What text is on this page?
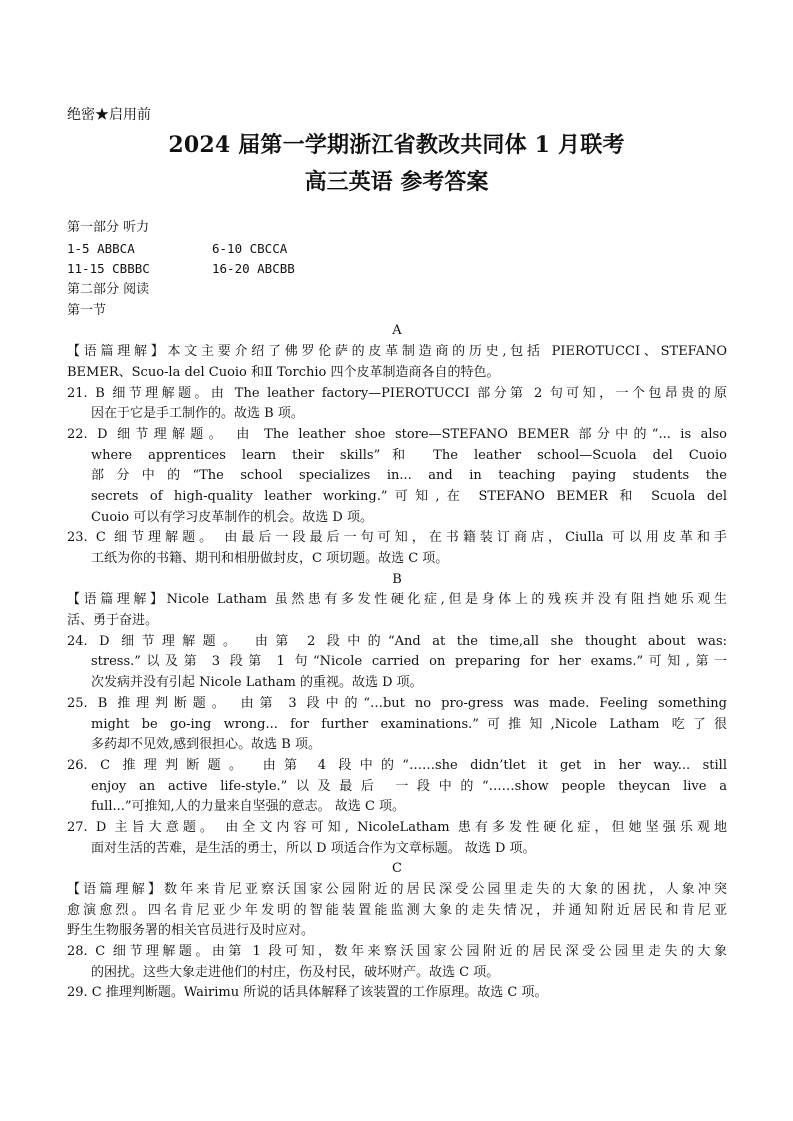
绝密★启用前
2024 届第一学期浙江省教改共同体 1 月联考
高三英语 参考答案
第一部分 听力
1-5 ABBCA	6-10 CBCCA
11-15 CBBBC	16-20 ABCBB
第二部分 阅读
第一节
A
【语篇理解】本文主要介绍了佛罗伦萨的皮革制造商的历史,包括 PIEROTUCCI、STEFANO
BEMER、Scuo-la del Cuoio 和Ⅱ Torchio 四个皮革制造商各自的特色。
21. B 细节理解题。由 The leather factory—PIEROTUCCI 部分第 2 句可知，一个包昂贵的原
因在于它是手工制作的。故选 B 项。
22. D 细节理解题。 由 The leather shoe store—STEFANO BEMER 部分中的“... is also
where apprentices learn their skills”和 The leather school—Scuola del Cuoio
部分中的“The school specializes in... and in teaching paying students the
secrets of high-quality leather working.”可知,在 STEFANO BEMER 和 Scuola del
Cuoio 可以有学习皮革制作的机会。故选 D 项。
23. C 细节理解题。 由最后一段最后一句可知，在书籍装订商店，Ciulla 可以用皮革和手
工纸为你的书籍、期刊和相册做封皮，C 项切题。故选 C 项。
B
【语篇理解】Nicole Latham 虽然患有多发性硬化症,但是身体上的残疾并没有阻挡她乐观生
活、勇于奋进。
24. D 细节理解题。 由第 2 段中的“And at the time,all she thought about was:
stress.”以及第 3 段第 1 句“Nicole carried on preparing for her exams.”可知,第一
次发病并没有引起 Nicole Latham 的重视。故选 D 项。
25. B 推理判断题。 由第 3 段中的“…but no pro-gress was made. Feeling something
might be go-ing wrong... for further examinations.”可推知,Nicole Latham 吃了很
多药却不见效,感到很担心。故选 B 项。
26. C 推理判断题。 由第 4 段中的“……she didn’tlet it get in her way... still
enjoy an active life-style.”以及最后 一段中的“……show people theycan live a
full...”可推知,人的力量来自坚强的意志。 故选 C 项。
27. D 主旨大意题。 由全文内容可知, NicoleLatham 患有多发性硬化症，但她坚强乐观地
面对生活的苦难，是生活的勇士，所以 D 项适合作为文章标题。 故选 D 项。
C
【语篇理解】数年来肯尼亚察沃国家公园附近的居民深受公园里走失的大象的困扰，人象冲突
愈演愈烈。四名肯尼亚少年发明的智能装置能监测大象的走失情况，并通知附近居民和肯尼亚
野生生物服务署的相关官员进行及时应对。
28. C 细节理解题。由第 1 段可知，数年来察沃国家公园附近的居民深受公园里走失的大象
的困扰。这些大象走进他们的村庄，伤及村民，破坏财产。故选 C 项。
29. C 推理判断题。Wairimu 所说的话具体解释了该装置的工作原理。故选 C 项。
